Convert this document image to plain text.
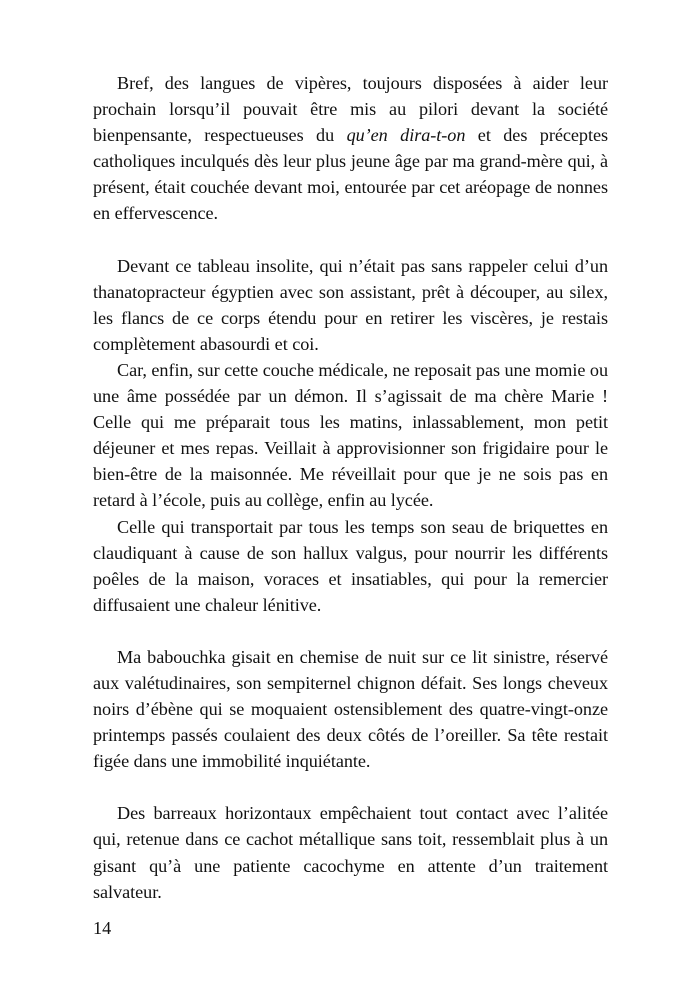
Bref, des langues de vipères, toujours disposées à aider leur prochain lorsqu’il pouvait être mis au pilori devant la société bienpensante, respectueuses du qu’en dira-t-on et des préceptes catholiques inculqués dès leur plus jeune âge par ma grand-mère qui, à présent, était couchée devant moi, entourée par cet aréopage de nonnes en effervescence.

Devant ce tableau insolite, qui n’était pas sans rappeler celui d’un thanatopracteur égyptien avec son assistant, prêt à découper, au silex, les flancs de ce corps étendu pour en retirer les viscères, je restais complètement abasourdi et coi.

Car, enfin, sur cette couche médicale, ne reposait pas une momie ou une âme possédée par un démon. Il s’agissait de ma chère Marie ! Celle qui me préparait tous les matins, inlassablement, mon petit déjeuner et mes repas. Veillait à approvisionner son frigidaire pour le bien-être de la maisonnée. Me réveillait pour que je ne sois pas en retard à l’école, puis au collège, enfin au lycée.

Celle qui transportait par tous les temps son seau de briquettes en claudiquant à cause de son hallux valgus, pour nourrir les différents poêles de la maison, voraces et insatiables, qui pour la remercier diffusaient une chaleur lénitive.

Ma babouchka gisait en chemise de nuit sur ce lit sinistre, réservé aux valétudinaires, son sempiternel chignon défait. Ses longs cheveux noirs d’ébène qui se moquaient ostensiblement des quatre-vingt-onze printemps passés coulaient des deux côtés de l’oreiller. Sa tête restait figée dans une immobilité inquiétante.

Des barreaux horizontaux empêchaient tout contact avec l’alitée qui, retenue dans ce cachot métallique sans toit, ressemblait plus à un gisant qu’à une patiente cacochyme en attente d’un traitement salvateur.

14
